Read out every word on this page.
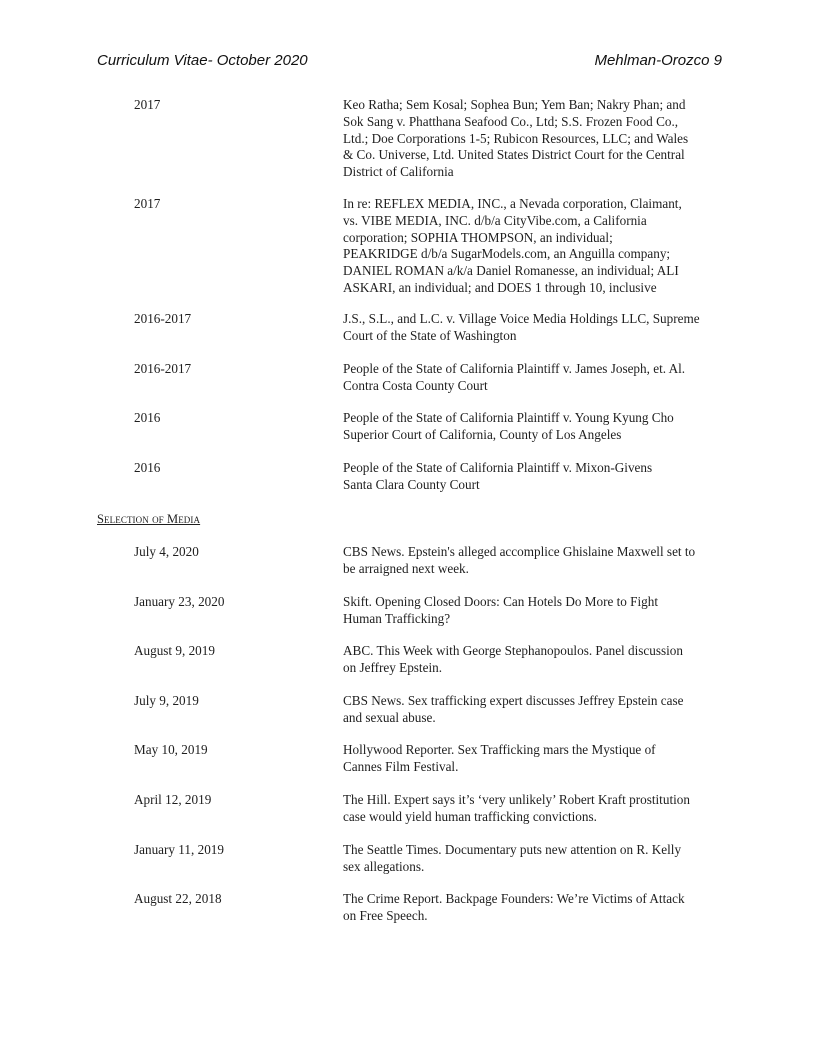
Curriculum Vitae- October 2020	Mehlman-Orozco 9
2017	Keo Ratha; Sem Kosal; Sophea Bun; Yem Ban; Nakry Phan; and
Sok Sang v. Phatthana Seafood Co., Ltd; S.S. Frozen Food Co.,
Ltd.; Doe Corporations 1-5; Rubicon Resources, LLC; and Wales
& Co. Universe, Ltd. United States District Court for the Central
District of California
2017	In re: REFLEX MEDIA, INC., a Nevada corporation, Claimant,
vs. VIBE MEDIA, INC. d/b/a CityVibe.com, a California
corporation; SOPHIA THOMPSON, an individual;
PEAKRIDGE d/b/a SugarModels.com, an Anguilla company;
DANIEL ROMAN a/k/a Daniel Romanesse, an individual; ALI
ASKARI, an individual; and DOES 1 through 10, inclusive
2016-2017	J.S., S.L., and L.C. v. Village Voice Media Holdings LLC, Supreme
Court of the State of Washington
2016-2017	People of the State of California Plaintiff v. James Joseph, et. Al.
Contra Costa County Court
2016	People of the State of California Plaintiff v. Young Kyung Cho
Superior Court of California, County of Los Angeles
2016	People of the State of California Plaintiff v. Mixon-Givens
Santa Clara County Court
Selection of Media
July 4, 2020	CBS News. Epstein's alleged accomplice Ghislaine Maxwell set to
be arraigned next week.
January 23, 2020	Skift. Opening Closed Doors: Can Hotels Do More to Fight
Human Trafficking?
August 9, 2019	ABC. This Week with George Stephanopoulos. Panel discussion
on Jeffrey Epstein.
July 9, 2019	CBS News. Sex trafficking expert discusses Jeffrey Epstein case
and sexual abuse.
May 10, 2019	Hollywood Reporter. Sex Trafficking mars the Mystique of
Cannes Film Festival.
April 12, 2019	The Hill. Expert says it’s ‘very unlikely’ Robert Kraft prostitution
case would yield human trafficking convictions.
January 11, 2019	The Seattle Times. Documentary puts new attention on R. Kelly
sex allegations.
August 22, 2018	The Crime Report. Backpage Founders: We’re Victims of Attack
on Free Speech.
